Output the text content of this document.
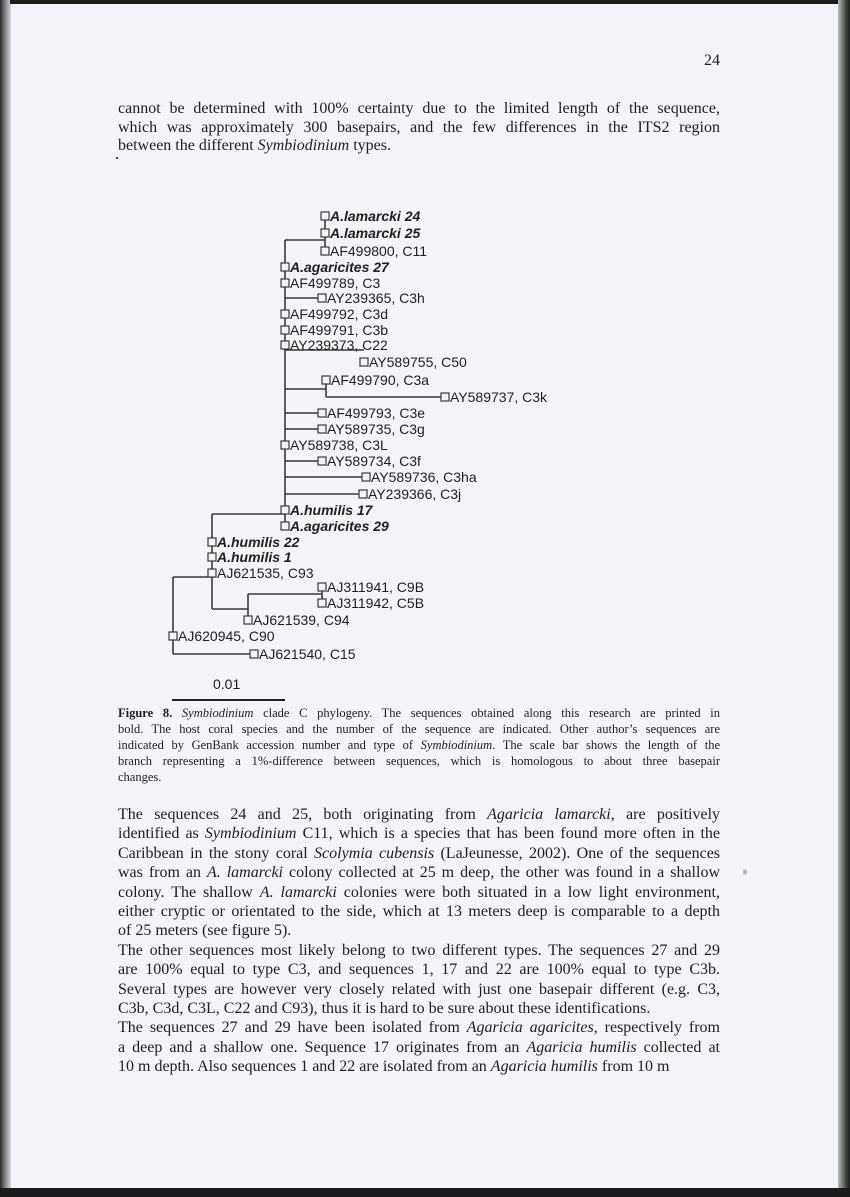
24

cannot be determined with 100% certainty due to the limited length of the sequence,
which was approximately 300 basepairs, and the few differences in the ITS2 region
between the different Symbiodinium types.

A.lamarcki 24
A.lamarcki 25
AF499800, C11
A.agaricites 27
AF499789, C3
AY239365, C3h
AF499792, C3d
AF499791, C3b
AY239373, C22
AY589755, C50
AF499790, C3a
AY589737, C3k
AF499793, C3e
AY589735, C3g
AY589738, C3L
AY589734, C3f
AY589736, C3ha
AY239366, C3j
A.humilis 17
A.agaricites 29
A.humilis 22
A.humilis 1
AJ621535, C93
AJ311941, C9B
AJ311942, C5B
AJ621539, C94
AJ620945, C90
AJ621540, C15
0.01

Figure 8. Symbiodinium clade C phylogeny. The sequences obtained along this research are printed in
bold. The host coral species and the number of the sequence are indicated. Other author’s sequences are
indicated by GenBank accession number and type of Symbiodinium. The scale bar shows the length of the
branch representing a 1%-difference between sequences, which is homologous to about three basepair
changes.

The sequences 24 and 25, both originating from Agaricia lamarcki, are positively
identified as Symbiodinium C11, which is a species that has been found more often in the
Caribbean in the stony coral Scolymia cubensis (LaJeunesse, 2002). One of the sequences
was from an A. lamarcki colony collected at 25 m deep, the other was found in a shallow
colony. The shallow A. lamarcki colonies were both situated in a low light environment,
either cryptic or orientated to the side, which at 13 meters deep is comparable to a depth
of 25 meters (see figure 5).
The other sequences most likely belong to two different types. The sequences 27 and 29
are 100% equal to type C3, and sequences 1, 17 and 22 are 100% equal to type C3b.
Several types are however very closely related with just one basepair different (e.g. C3,
C3b, C3d, C3L, C22 and C93), thus it is hard to be sure about these identifications.
The sequences 27 and 29 have been isolated from Agaricia agaricites, respectively from
a deep and a shallow one. Sequence 17 originates from an Agaricia humilis collected at
10 m depth. Also sequences 1 and 22 are isolated from an Agaricia humilis from 10 m
